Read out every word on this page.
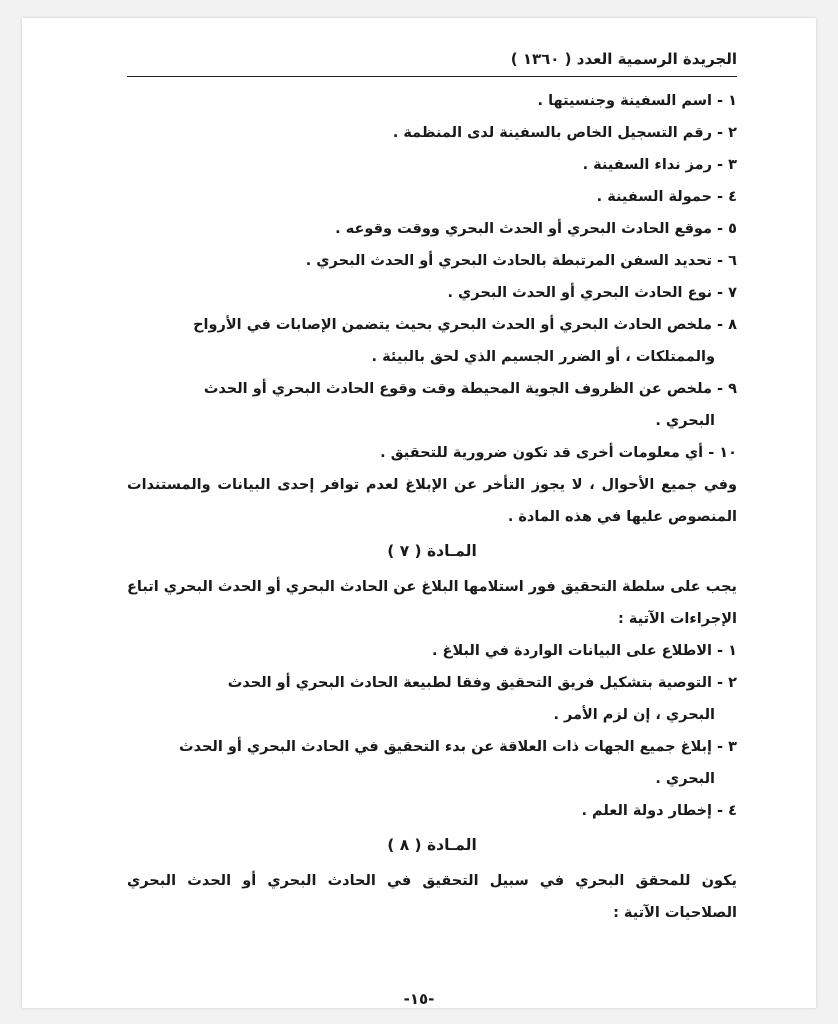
الجريدة الرسمية العدد ( ١٣٦٠ )
١ - اسم السفينة وجنسيتها .
٢ - رقم التسجيل الخاص بالسفينة لدى المنظمة .
٣ - رمز نداء السفينة .
٤ - حمولة السفينة .
٥ - موقع الحادث البحري أو الحدث البحري ووقت وقوعه .
٦ - تحديد السفن المرتبطة بالحادث البحري أو الحدث البحري .
٧ - نوع الحادث البحري أو الحدث البحري .
٨ - ملخص الحادث البحري أو الحدث البحري بحيث يتضمن الإصابات في الأرواح
والممتلكات ، أو الضرر الجسيم الذي لحق بالبيئة .
٩ - ملخص عن الظروف الجوية المحيطة وقت وقوع الحادث البحري أو الحدث
البحري .
١٠ - أي معلومات أخرى قد تكون ضرورية للتحقيق .
وفي جميع الأحوال ، لا يجوز التأخر عن الإبلاغ لعدم توافر إحدى البيانات والمستندات المنصوص عليها في هذه المادة .
المـادة ( ٧ )
يجب على سلطة التحقيق فور استلامها البلاغ عن الحادث البحري أو الحدث البحري اتباع الإجراءات الآتية :
١ - الاطلاع على البيانات الواردة في البلاغ .
٢ - التوصية بتشكيل فريق التحقيق وفقا لطبيعة الحادث البحري أو الحدث
البحري ، إن لزم الأمر .
٣ - إبلاغ جميع الجهات ذات العلاقة عن بدء التحقيق في الحادث البحري أو الحدث
البحري .
٤ - إخطار دولة العلم .
المـادة ( ٨ )
يكون للمحقق البحري في سبيل التحقيق في الحادث البحري أو الحدث البحري الصلاحيات الآتية :
-١٥-
